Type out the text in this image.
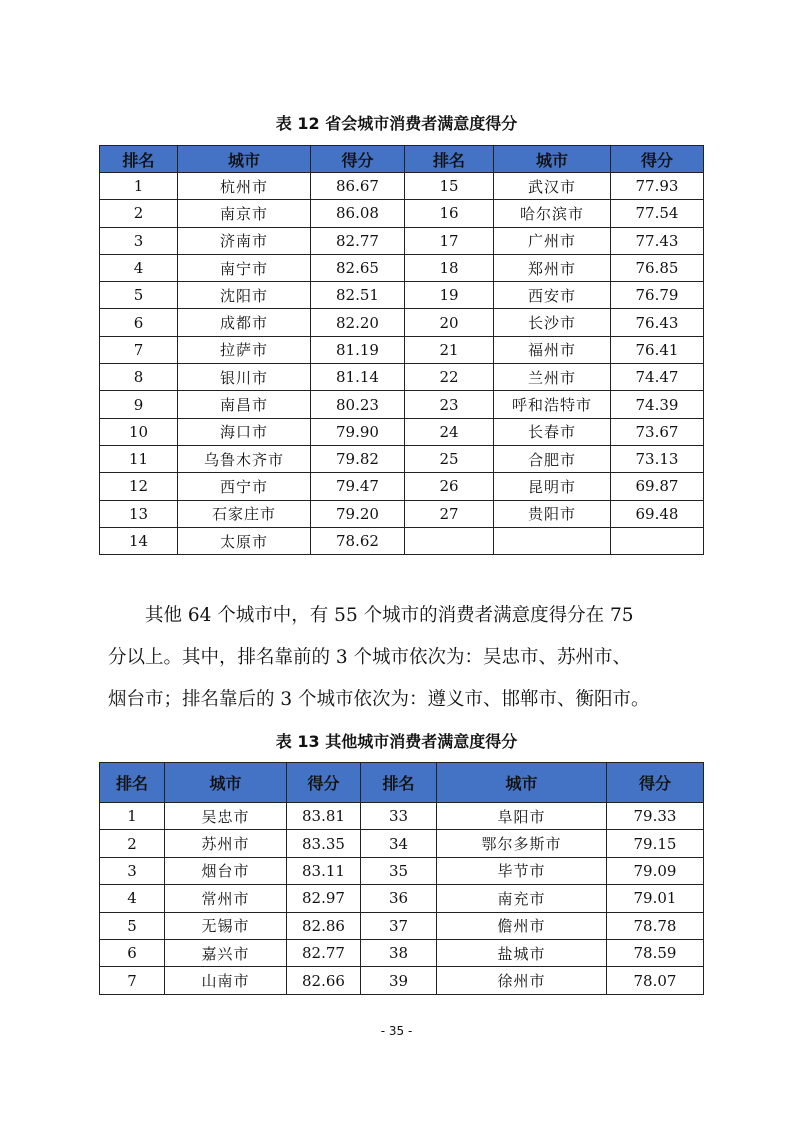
表 12 省会城市消费者满意度得分
排名	城市	得分	排名	城市	得分
1	杭州市	86.67	15	武汉市	77.93
2	南京市	86.08	16	哈尔滨市	77.54
3	济南市	82.77	17	广州市	77.43
4	南宁市	82.65	18	郑州市	76.85
5	沈阳市	82.51	19	西安市	76.79
6	成都市	82.20	20	长沙市	76.43
7	拉萨市	81.19	21	福州市	76.41
8	银川市	81.14	22	兰州市	74.47
9	南昌市	80.23	23	呼和浩特市	74.39
10	海口市	79.90	24	长春市	73.67
11	乌鲁木齐市	79.82	25	合肥市	73.13
12	西宁市	79.47	26	昆明市	69.87
13	石家庄市	79.20	27	贵阳市	69.48
14	太原市	78.62			
其他 64 个城市中，有 55 个城市的消费者满意度得分在 75
分以上。其中，排名靠前的 3 个城市依次为：吴忠市、苏州市、
烟台市；排名靠后的 3 个城市依次为：遵义市、邯郸市、衡阳市。
表 13 其他城市消费者满意度得分
排名	城市	得分	排名	城市	得分
1	吴忠市	83.81	33	阜阳市	79.33
2	苏州市	83.35	34	鄂尔多斯市	79.15
3	烟台市	83.11	35	毕节市	79.09
4	常州市	82.97	36	南充市	79.01
5	无锡市	82.86	37	儋州市	78.78
6	嘉兴市	82.77	38	盐城市	78.59
7	山南市	82.66	39	徐州市	78.07
- 35 -
